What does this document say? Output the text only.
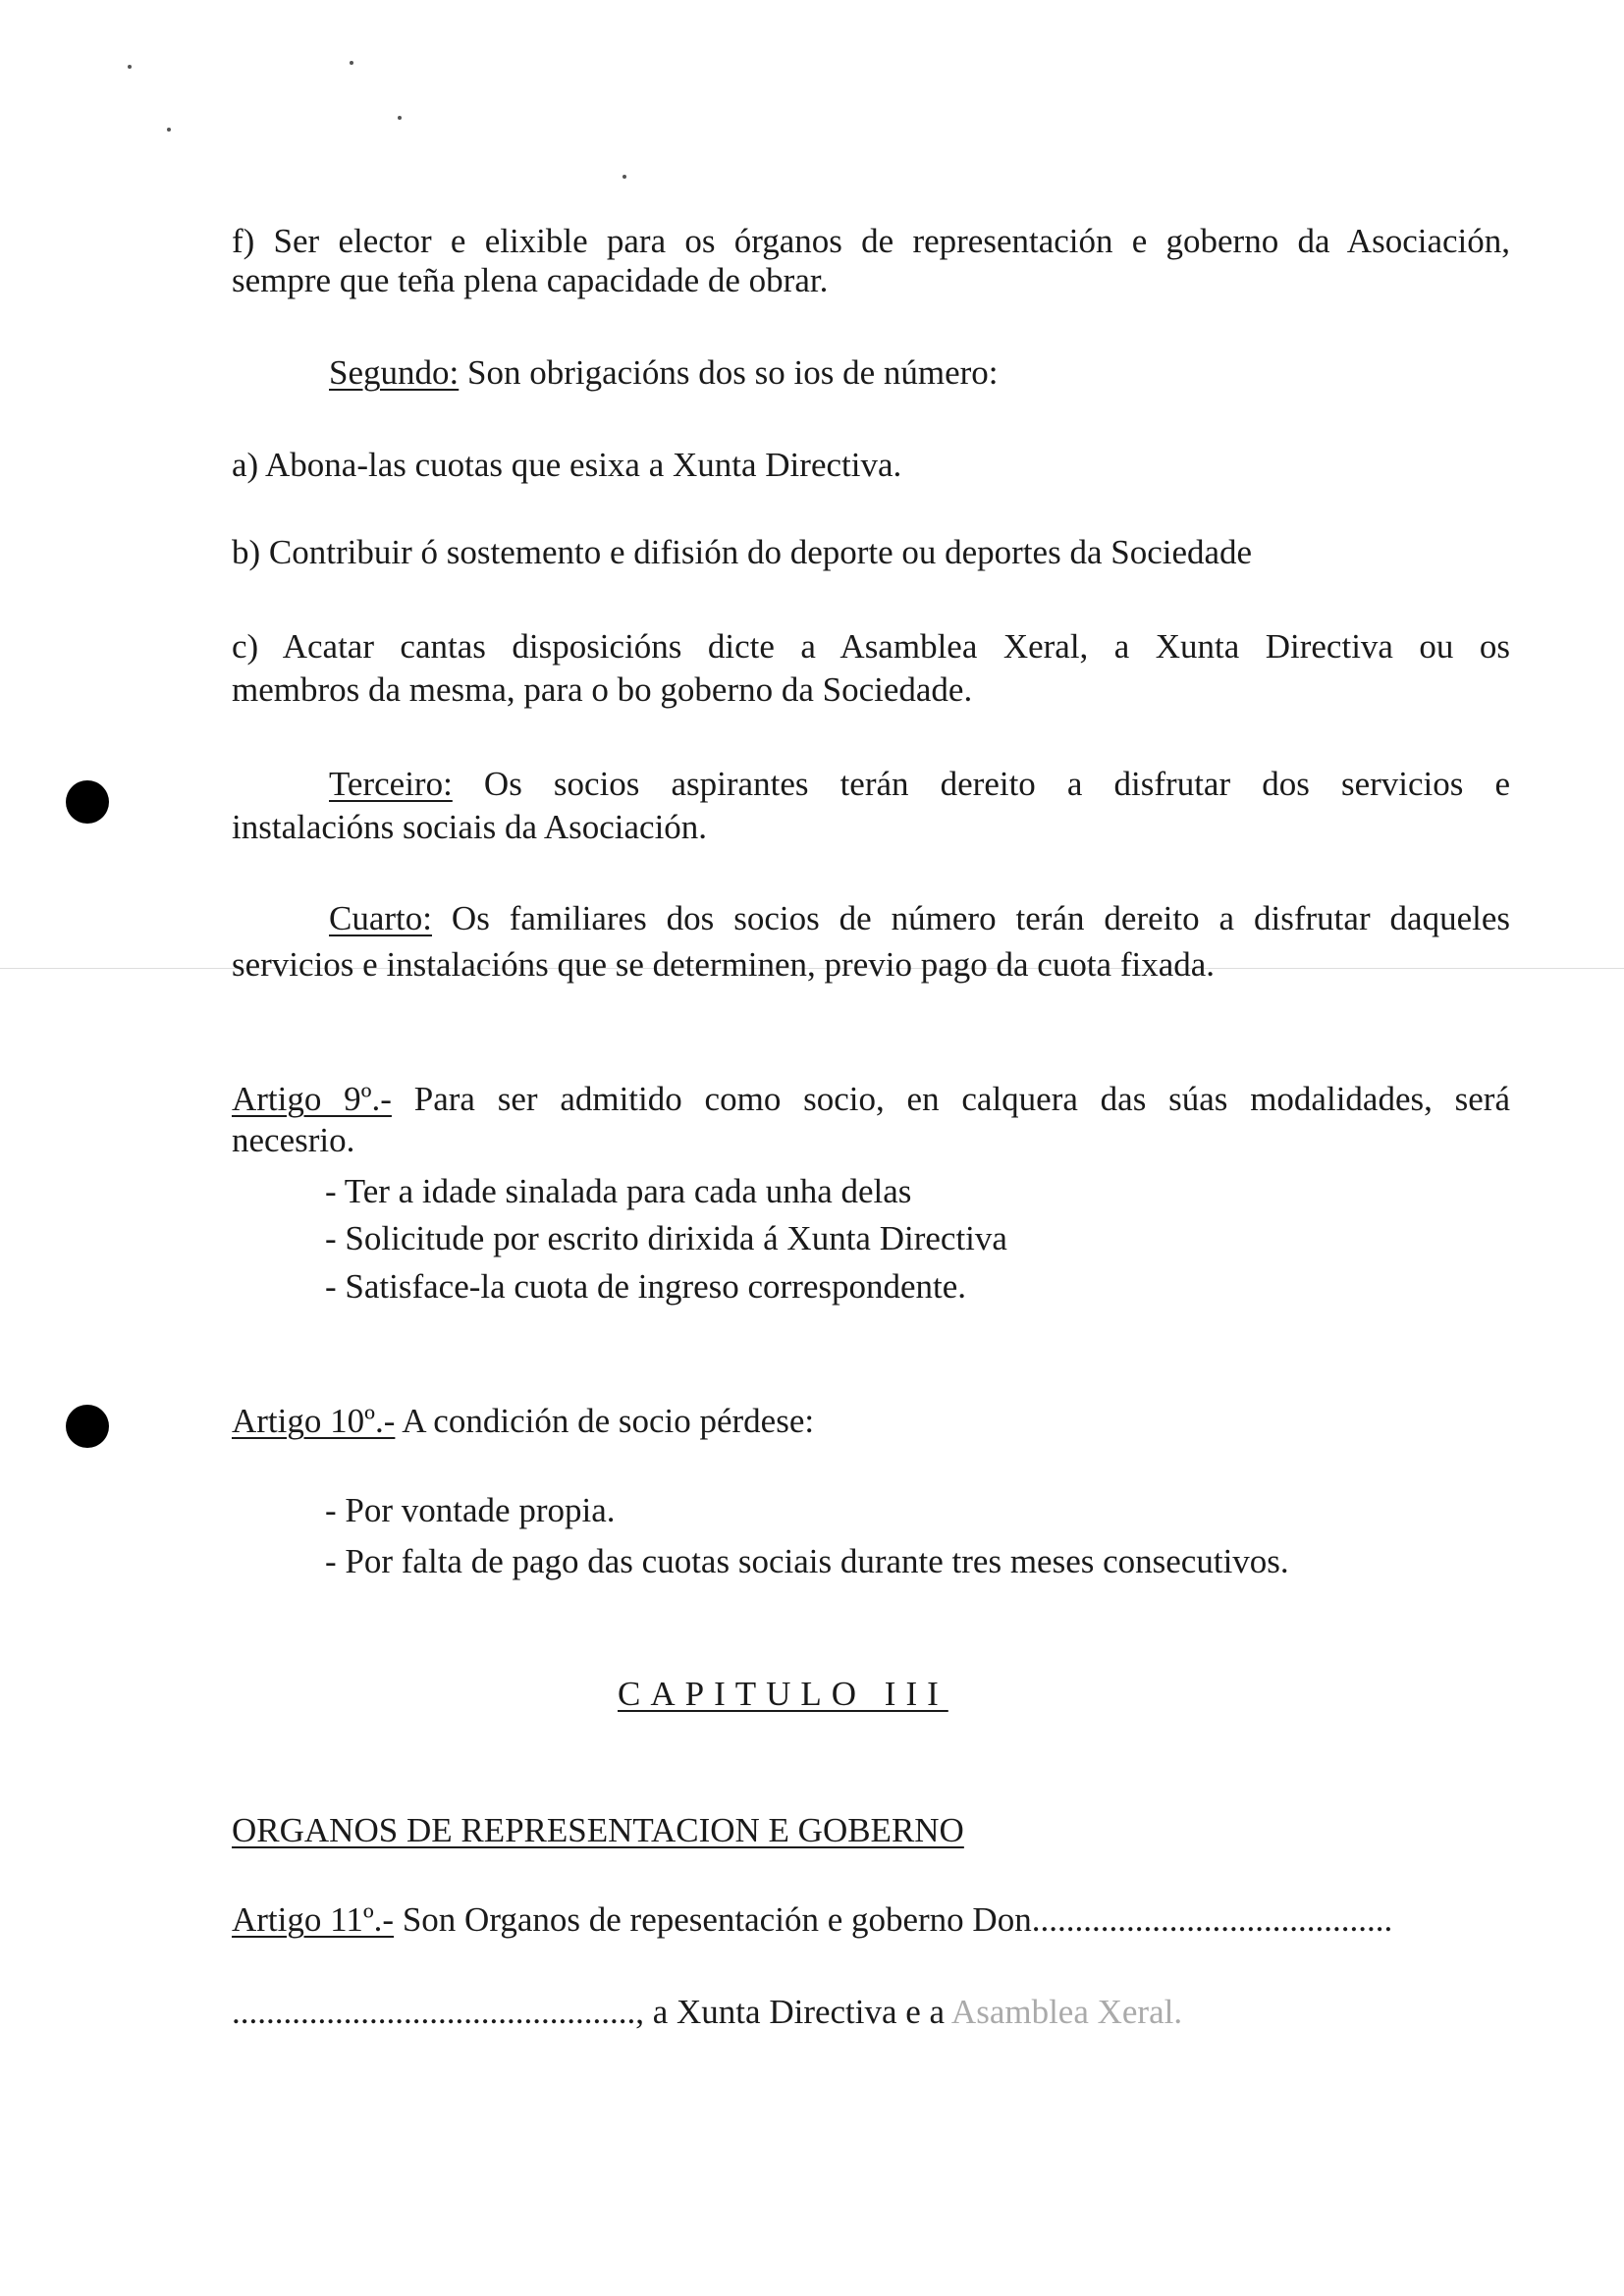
f) Ser elector e elixible para os órganos de representación e goberno da Asociación,
sempre que teña plena capacidade de obrar.
Segundo: Son obrigacións dos so ios de número:
a) Abona-las cuotas que esixa a Xunta Directiva.
b) Contribuir ó sostemento e difisión do deporte ou deportes da Sociedade
c) Acatar cantas disposicións dicte a Asamblea Xeral, a Xunta Directiva ou os
membros da mesma, para o bo goberno da Sociedade.
Terceiro: Os socios aspirantes terán dereito a disfrutar dos servicios e
instalacións sociais da Asociación.
Cuarto: Os familiares dos socios de número terán dereito a disfrutar daqueles
servicios e instalacións que se determinen, previo pago da cuota fixada.
Artigo 9º.- Para ser admitido como socio, en calquera das súas modalidades, será
necesrio.
- Ter a idade sinalada para cada unha delas
- Solicitude por escrito dirixida á Xunta Directiva
- Satisface-la cuota de ingreso correspondente.
Artigo 10º.- A condición de socio pérdese:
- Por vontade propia.
- Por falta de pago das cuotas sociais durante tres meses consecutivos.
CAPITULO III
ORGANOS DE REPRESENTACION E GOBERNO
Artigo 11º.- Son Organos de repesentación e goberno Don..........................................
..............................................., a Xunta Directiva e a Asamblea Xeral.
